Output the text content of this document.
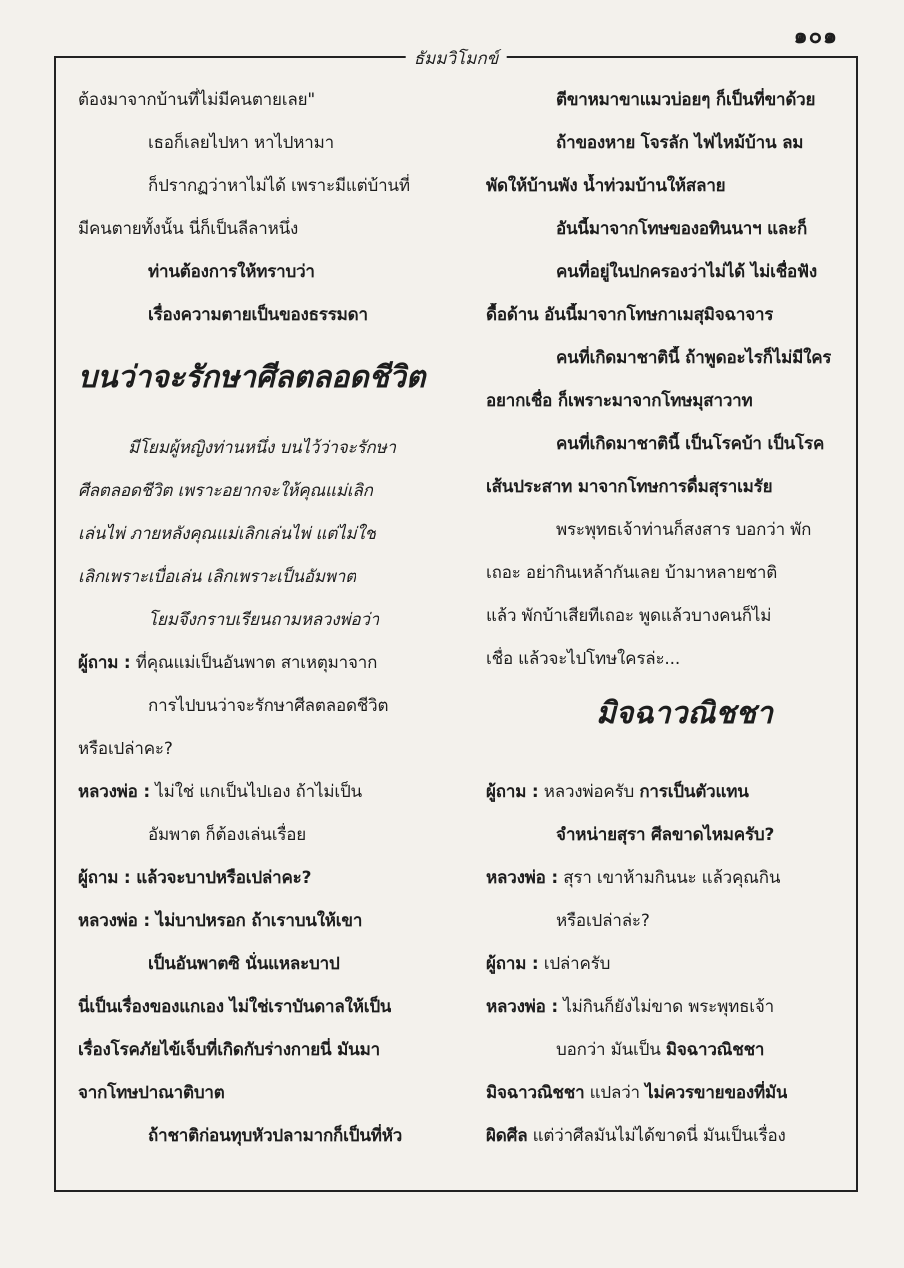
๑๐๑
ธัมมวิโมกข์
ต้องมาจากบ้านที่ไม่มีคนตายเลย"
เธอก็เลยไปหา หาไปหามา
ก็ปรากฏว่าหาไม่ได้ เพราะมีแต่บ้านที่
มีคนตายทั้งนั้น นี่ก็เป็นลีลาหนึ่ง
ท่านต้องการให้ทราบว่า
เรื่องความตายเป็นของธรรมดา
บนว่าจะรักษาศีลตลอดชีวิต
มีโยมผู้หญิงท่านหนึ่ง บนไว้ว่าจะรักษา
ศีลตลอดชีวิต เพราะอยากจะให้คุณแม่เลิก
เล่นไพ่ ภายหลังคุณแม่เลิกเล่นไพ่ แต่ไม่ใช่
เลิกเพราะเบื่อเล่น เลิกเพราะเป็นอัมพาต
โยมจึงกราบเรียนถามหลวงพ่อว่า
ผู้ถาม : ที่คุณแม่เป็นอันพาต สาเหตุมาจาก
การไปบนว่าจะรักษาศีลตลอดชีวิต
หรือเปล่าคะ?
หลวงพ่อ : ไม่ใช่ แกเป็นไปเอง ถ้าไม่เป็น
อัมพาต ก็ต้องเล่นเรื่อย
ผู้ถาม : แล้วจะบาปหรือเปล่าคะ?
หลวงพ่อ : ไม่บาปหรอก ถ้าเราบนให้เขา
เป็นอันพาตซิ นั่นแหละบาป
นี่เป็นเรื่องของแกเอง ไม่ใช่เราบันดาลให้เป็น
เรื่องโรคภัยไข้เจ็บที่เกิดกับร่างกายนี่ มันมา
จากโทษปาณาติบาต
ถ้าชาติก่อนทุบหัวปลามากก็เป็นที่หัว
ตีขาหมาขาแมวบ่อยๆ ก็เป็นที่ขาด้วย
ถ้าของหาย โจรลัก ไฟไหม้บ้าน ลม
พัดให้บ้านพัง น้ำท่วมบ้านให้สลาย
อันนี้มาจากโทษของอทินนาฯ และก็
คนที่อยู่ในปกครองว่าไม่ได้ ไม่เชื่อฟัง
ดื้อด้าน อันนี้มาจากโทษกาเมสุมิจฉาจาร
คนที่เกิดมาชาตินี้ ถ้าพูดอะไรก็ไม่มีใคร
อยากเชื่อ ก็เพราะมาจากโทษมุสาวาท
คนที่เกิดมาชาตินี้ เป็นโรคบ้า เป็นโรค
เส้นประสาท มาจากโทษการดื่มสุราเมรัย
พระพุทธเจ้าท่านก็สงสาร บอกว่า พัก
เถอะ อย่ากินเหล้ากันเลย บ้ามาหลายชาติ
แล้ว พักบ้าเสียทีเถอะ พูดแล้วบางคนก็ไม่
เชื่อ แล้วจะไปโทษใครล่ะ...
มิจฉาวณิชชา
ผู้ถาม : หลวงพ่อครับ การเป็นตัวแทน
จำหน่ายสุรา ศีลขาดไหมครับ?
หลวงพ่อ : สุรา เขาห้ามกินนะ แล้วคุณกิน
หรือเปล่าล่ะ?
ผู้ถาม : เปล่าครับ
หลวงพ่อ : ไม่กินก็ยังไม่ขาด พระพุทธเจ้า
บอกว่า มันเป็น มิจฉาวณิชชา
มิจฉาวณิชชา แปลว่า ไม่ควรขายของที่มัน
ผิดศีล แต่ว่าศีลมันไม่ได้ขาดนี่ มันเป็นเรื่อง
